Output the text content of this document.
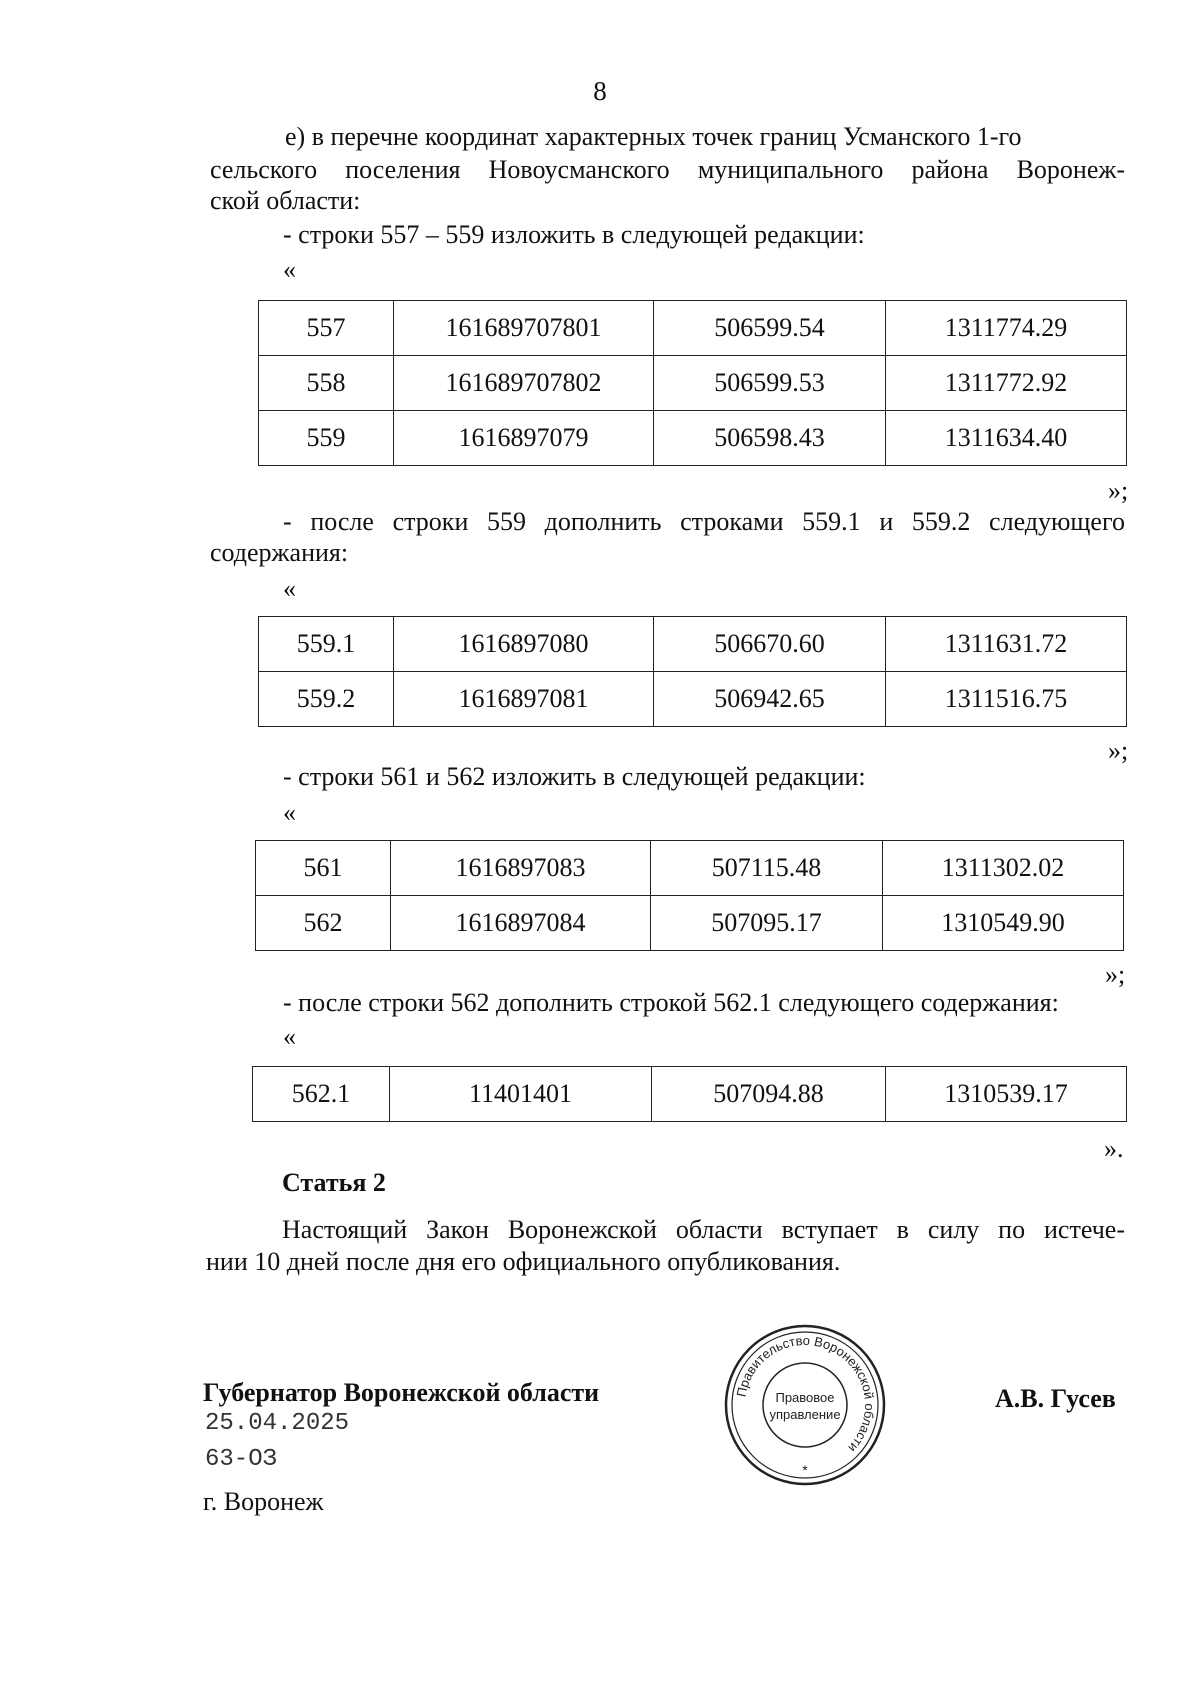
8
е) в перечне координат характерных точек границ Усманского 1-го
сельского поселения Новоусманского муниципального района Воронеж-
ской области:
- строки 557 – 559 изложить в следующей редакции:
«
557	161689707801	506599.54	1311774.29
558	161689707802	506599.53	1311772.92
559	1616897079	506598.43	1311634.40
»;
- после строки 559 дополнить строками 559.1 и 559.2 следующего
содержания:
«
559.1	1616897080	506670.60	1311631.72
559.2	1616897081	506942.65	1311516.75
»;
- строки 561 и 562 изложить в следующей редакции:
«
561	1616897083	507115.48	1311302.02
562	1616897084	507095.17	1310549.90
»;
- после строки 562 дополнить строкой 562.1 следующего содержания:
«
562.1	11401401	507094.88	1310539.17
».
Статья 2
Настоящий Закон Воронежской области вступает в силу по истече-
нии 10 дней после дня его официального опубликования.
Губернатор Воронежской области
25.04.2025
63-ОЗ
г. Воронеж
А.В. Гусев
Правительство Воронежской области
Правовое
управление
*
